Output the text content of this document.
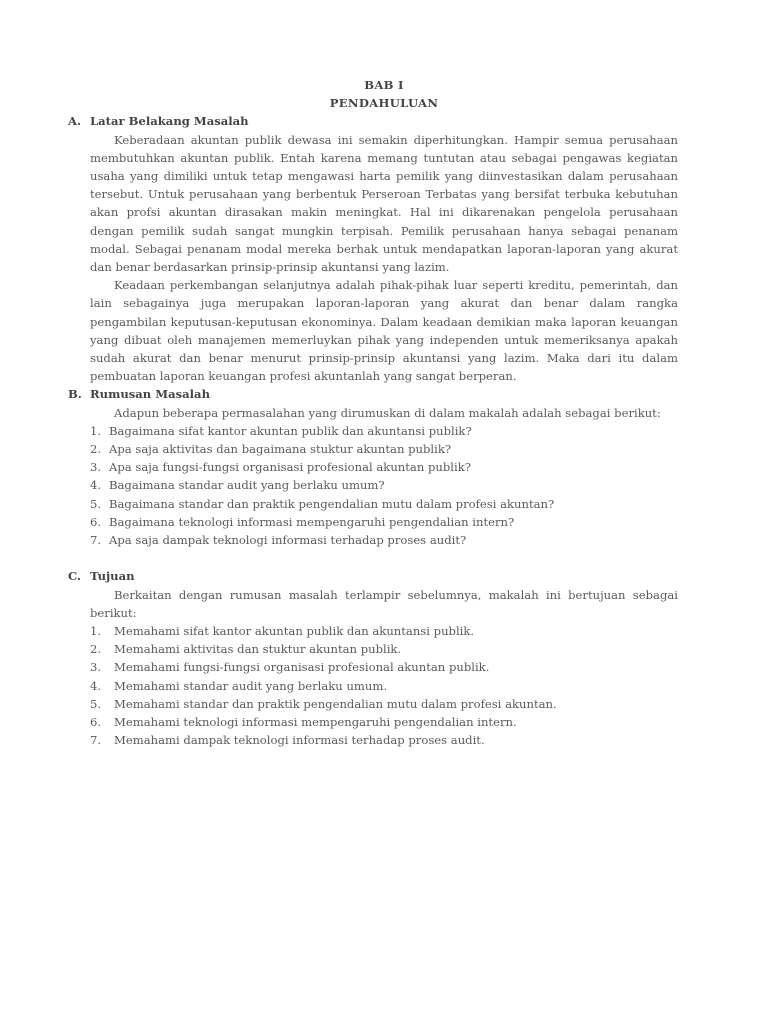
BAB I
PENDAHULUAN
A. Latar Belakang Masalah

Keberadaan akuntan publik dewasa ini semakin diperhitungkan. Hampir semua perusahaan membutuhkan akuntan publik. Entah karena memang tuntutan atau sebagai pengawas kegiatan usaha yang dimiliki untuk tetap mengawasi harta pemilik yang diinvestasikan dalam perusahaan tersebut. Untuk perusahaan yang berbentuk Perseroan Terbatas yang bersifat terbuka kebutuhan akan profsi akuntan dirasakan makin meningkat. Hal ini dikarenakan pengelola perusahaan dengan pemilik sudah sangat mungkin terpisah. Pemilik perusahaan hanya sebagai penanam modal. Sebagai penanam modal mereka berhak untuk mendapatkan laporan-laporan yang akurat dan benar berdasarkan prinsip-prinsip akuntansi yang lazim.

Keadaan perkembangan selanjutnya adalah pihak-pihak luar seperti kreditu, pemerintah, dan lain sebagainya juga merupakan laporan-laporan yang akurat dan benar dalam rangka pengambilan keputusan-keputusan ekonominya. Dalam keadaan demikian maka laporan keuangan yang dibuat oleh manajemen memerluykan pihak yang independen untuk memeriksanya apakah sudah akurat dan benar menurut prinsip-prinsip akuntansi yang lazim. Maka dari itu dalam pembuatan laporan keuangan profesi akuntanlah yang sangat berperan.

B. Rumusan Masalah

Adapun beberapa permasalahan yang dirumuskan di dalam makalah adalah sebagai berikut:

1. Bagaimana sifat kantor akuntan publik dan akuntansi publik?
2. Apa saja aktivitas dan bagaimana stuktur akuntan publik?
3. Apa saja fungsi-fungsi organisasi profesional akuntan publik?
4. Bagaimana standar audit yang berlaku umum?
5. Bagaimana standar dan praktik pengendalian mutu dalam profesi akuntan?
6. Bagaimana teknologi informasi mempengaruhi pengendalian intern?
7. Apa saja dampak teknologi informasi terhadap proses audit?
C. Tujuan

Berkaitan dengan rumusan masalah terlampir sebelumnya, makalah ini bertujuan sebagai berikut:

1. Memahami sifat kantor akuntan publik dan akuntansi publik.
2. Memahami aktivitas dan stuktur akuntan publik.
3. Memahami fungsi-fungsi organisasi profesional akuntan publik.
4. Memahami standar audit yang berlaku umum.
5. Memahami standar dan praktik pengendalian mutu dalam profesi akuntan.
6. Memahami teknologi informasi mempengaruhi pengendalian intern.
7. Memahami dampak teknologi informasi terhadap proses audit.
